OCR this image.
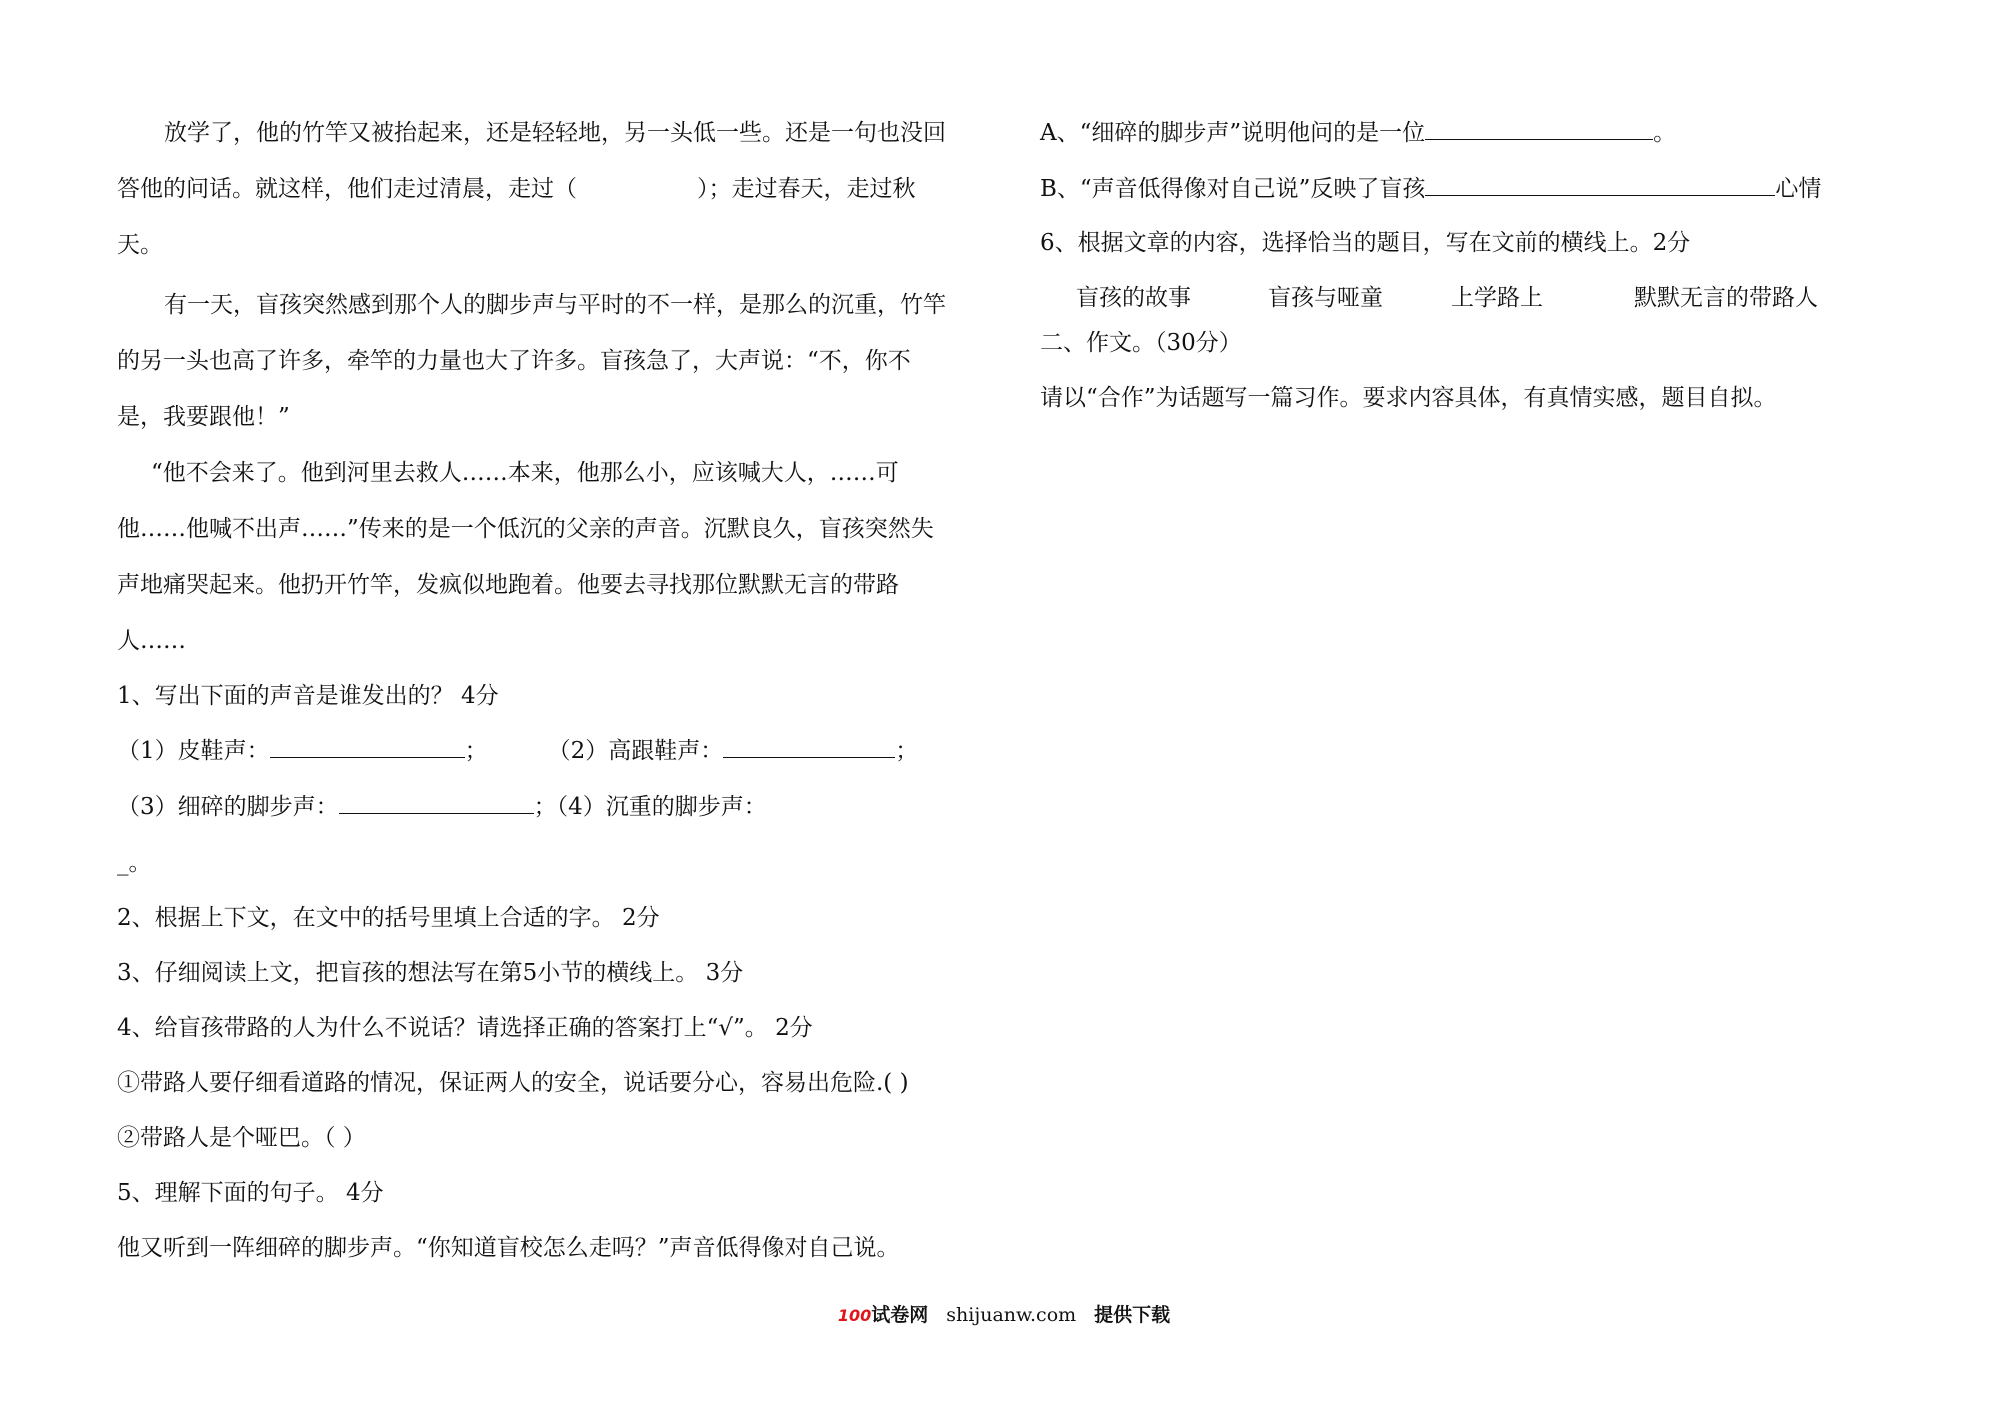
放学了，他的竹竿又被抬起来，还是轻轻地，另一头低一些。还是一句也没回
答他的问话。就这样，他们走过清晨，走过（	）；走过春天，走过秋
天。
有一天，盲孩突然感到那个人的脚步声与平时的不一样，是那么的沉重，竹竿
的另一头也高了许多，牵竿的力量也大了许多。盲孩急了，大声说：“不，你不
是，我要跟他！”
“他不会来了。他到河里去救人……本来，他那么小，应该喊大人，……可
他……他喊不出声……”传来的是一个低沉的父亲的声音。沉默良久，盲孩突然失
声地痛哭起来。他扔开竹竿，发疯似地跑着。他要去寻找那位默默无言的带路
人……
1、写出下面的声音是谁发出的？ 4分
（1）皮鞋声：	；	（2）高跟鞋声：	；
（3）细碎的脚步声：	；（4）沉重的脚步声：
_。
2、根据上下文，在文中的括号里填上合适的字。 2分
3、仔细阅读上文，把盲孩的想法写在第5小节的横线上。 3分
4、给盲孩带路的人为什么不说话？请选择正确的答案打上“√”。 2分
①带路人要仔细看道路的情况，保证两人的安全，说话要分心，容易出危险.( )
②带路人是个哑巴。（ ）
5、理解下面的句子。 4分
他又听到一阵细碎的脚步声。“你知道盲校怎么走吗？”声音低得像对自己说。
A、“细碎的脚步声”说明他问的是一位	。
B、“声音低得像对自己说”反映了盲孩	心情
6、根据文章的内容，选择恰当的题目，写在文前的横线上。2分
盲孩的故事	盲孩与哑童	上学路上	默默无言的带路人
二、作文。（30分）
请以“合作”为话题写一篇习作。要求内容具体，有真情实感，题目自拟。
100试卷网 shijuanw.com 提供下载
